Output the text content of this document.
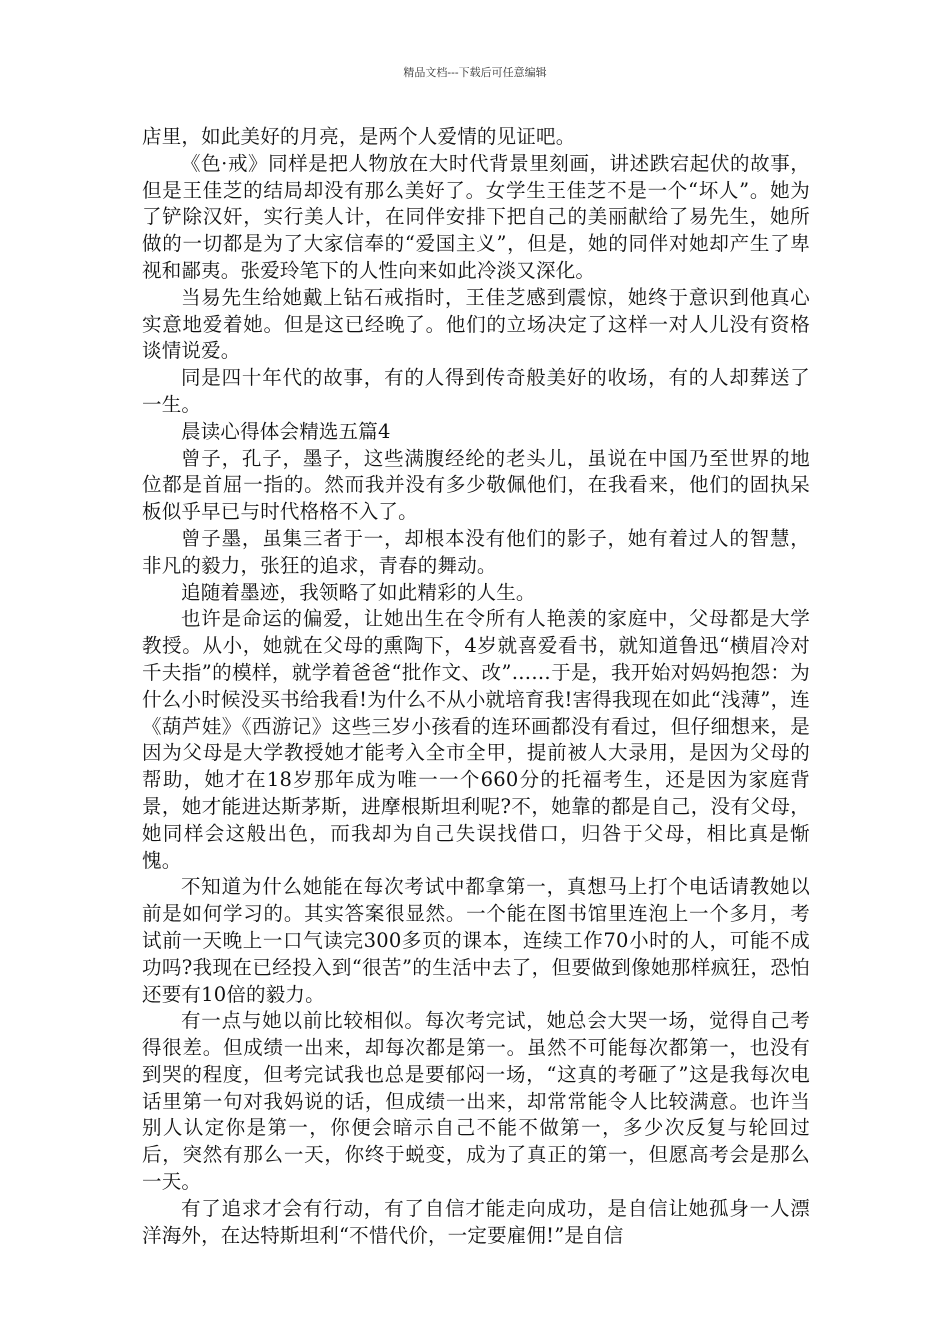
精品文档---下载后可任意编辑

店里，如此美好的月亮，是两个人爱情的见证吧。

《色·戒》同样是把人物放在大时代背景里刻画，讲述跌宕起伏的故事，但是王佳芝的结局却没有那么美好了。女学生王佳芝不是一个“坏人”。她为了铲除汉奸，实行美人计，在同伴安排下把自己的美丽献给了易先生，她所做的一切都是为了大家信奉的“爱国主义”，但是，她的同伴对她却产生了卑视和鄙夷。张爱玲笔下的人性向来如此冷淡又深化。

当易先生给她戴上钻石戒指时，王佳芝感到震惊，她终于意识到他真心实意地爱着她。但是这已经晚了。他们的立场决定了这样一对人儿没有资格谈情说爱。

同是四十年代的故事，有的人得到传奇般美好的收场，有的人却葬送了一生。

晨读心得体会精选五篇4

曾子，孔子，墨子，这些满腹经纶的老头儿，虽说在中国乃至世界的地位都是首屈一指的。然而我并没有多少敬佩他们，在我看来，他们的固执呆板似乎早已与时代格格不入了。

曾子墨，虽集三者于一，却根本没有他们的影子，她有着过人的智慧，非凡的毅力，张狂的追求，青春的舞动。

追随着墨迹，我领略了如此精彩的人生。

也许是命运的偏爱，让她出生在令所有人艳羡的家庭中，父母都是大学教授。从小，她就在父母的熏陶下，4岁就喜爱看书，就知道鲁迅“横眉冷对千夫指”的模样，就学着爸爸“批作文、改”……于是，我开始对妈妈抱怨：为什么小时候没买书给我看!为什么不从小就培育我!害得我现在如此“浅薄”，连《葫芦娃》《西游记》这些三岁小孩看的连环画都没有看过，但仔细想来，是因为父母是大学教授她才能考入全市全甲，提前被人大录用，是因为父母的帮助，她才在18岁那年成为唯一一个660分的托福考生，还是因为家庭背景，她才能进达斯茅斯，进摩根斯坦利呢?不，她靠的都是自己，没有父母，她同样会这般出色，而我却为自己失误找借口，归咎于父母，相比真是惭愧。

不知道为什么她能在每次考试中都拿第一，真想马上打个电话请教她以前是如何学习的。其实答案很显然。一个能在图书馆里连泡上一个多月，考试前一天晚上一口气读完300多页的课本，连续工作70小时的人，可能不成功吗?我现在已经投入到“很苦”的生活中去了，但要做到像她那样疯狂，恐怕还要有10倍的毅力。

有一点与她以前比较相似。每次考完试，她总会大哭一场，觉得自己考得很差。但成绩一出来，却每次都是第一。虽然不可能每次都第一，也没有到哭的程度，但考完试我也总是要郁闷一场，“这真的考砸了”这是我每次电话里第一句对我妈说的话，但成绩一出来，却常常能令人比较满意。也许当别人认定你是第一，你便会暗示自己不能不做第一，多少次反复与轮回过后，突然有那么一天，你终于蜕变，成为了真正的第一，但愿高考会是那么一天。

有了追求才会有行动，有了自信才能走向成功，是自信让她孤身一人漂洋海外，在达特斯坦利“不惜代价，一定要雇佣!”是自信
